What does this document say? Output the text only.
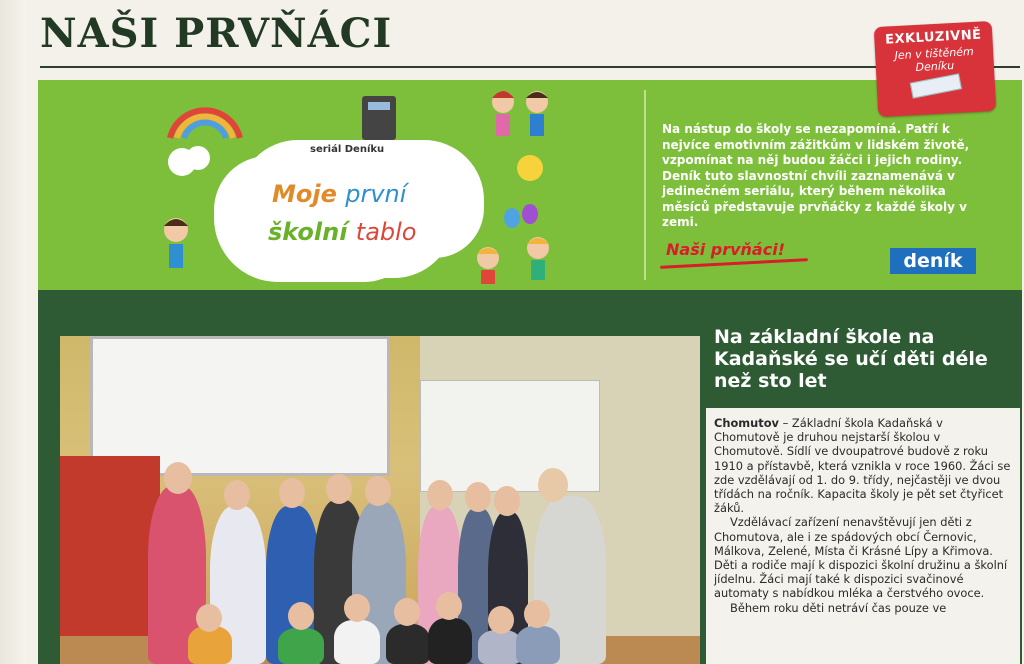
NAŠI PRVŇÁCI	EXKLUZIVNĚ
Jen v tištěném Deníku
seriál Deníku
Moje první
školní tablo
Na nástup do školy se nezapomíná. Patří k nejvíce emotivním zážitkům v lidském životě, vzpomínat na něj budou žáčci i jejich rodiny. Deník tuto slavnostní chvíli zaznamenává v jedinečném seriálu, který během několika měsíců představuje prvňáčky z každé školy v zemi.
Naši prvňáci!
deník
Na základní škole na Kadaňské se učí děti déle než sto let

Chomutov – Základní škola Kadaňská v Chomutově je druhou nejstarší školou v Chomutově. Sídlí ve dvoupatrové budově z roku 1910 a přístavbě, která vznikla v roce 1960. Žáci se zde vzdělávají od 1. do 9. třídy, nejčastěji ve dvou třídách na ročník. Kapacita školy je pět set čtyřicet žáků.

Vzdělávací zařízení nenavštěvují jen děti z Chomutova, ale i ze spádových obcí Černovic, Málkova, Zelené, Místa či Krásné Lípy a Křimova. Děti a rodiče mají k dispozici školní družinu a školní jídelnu. Žáci mají také k dispozici svačinové automaty s nabídkou mléka a čerstvého ovoce.

Během roku děti netráví čas pouze ve
